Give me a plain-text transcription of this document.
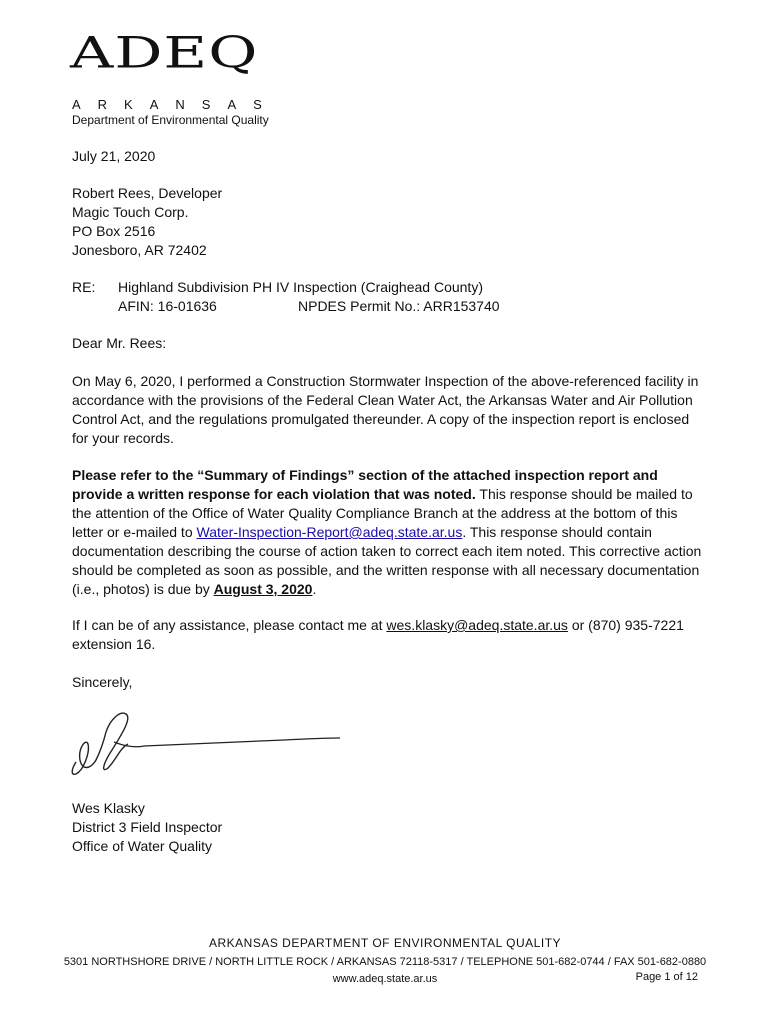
ADEQ
ARKANSAS
Department of Environmental Quality
July 21, 2020
Robert Rees, Developer
Magic Touch Corp.
PO Box 2516
Jonesboro, AR 72402
RE: Highland Subdivision PH IV Inspection (Craighead County)
AFIN: 16-01636	NPDES Permit No.: ARR153740
Dear Mr. Rees:
On May 6, 2020, I performed a Construction Stormwater Inspection of the above-referenced facility in accordance with the provisions of the Federal Clean Water Act, the Arkansas Water and Air Pollution Control Act, and the regulations promulgated thereunder. A copy of the inspection report is enclosed for your records.
Please refer to the “Summary of Findings” section of the attached inspection report and provide a written response for each violation that was noted. This response should be mailed to the attention of the Office of Water Quality Compliance Branch at the address at the bottom of this letter or e-mailed to Water-Inspection-Report@adeq.state.ar.us. This response should contain documentation describing the course of action taken to correct each item noted. This corrective action should be completed as soon as possible, and the written response with all necessary documentation (i.e., photos) is due by August 3, 2020.
If I can be of any assistance, please contact me at wes.klasky@adeq.state.ar.us or (870) 935-7221 extension 16.
Sincerely,
Wes Klasky
District 3 Field Inspector
Office of Water Quality
ARKANSAS DEPARTMENT OF ENVIRONMENTAL QUALITY
5301 NORTHSHORE DRIVE / NORTH LITTLE ROCK / ARKANSAS 72118-5317 / TELEPHONE 501-682-0744 / FAX 501-682-0880
www.adeq.state.ar.us	Page 1 of 12
